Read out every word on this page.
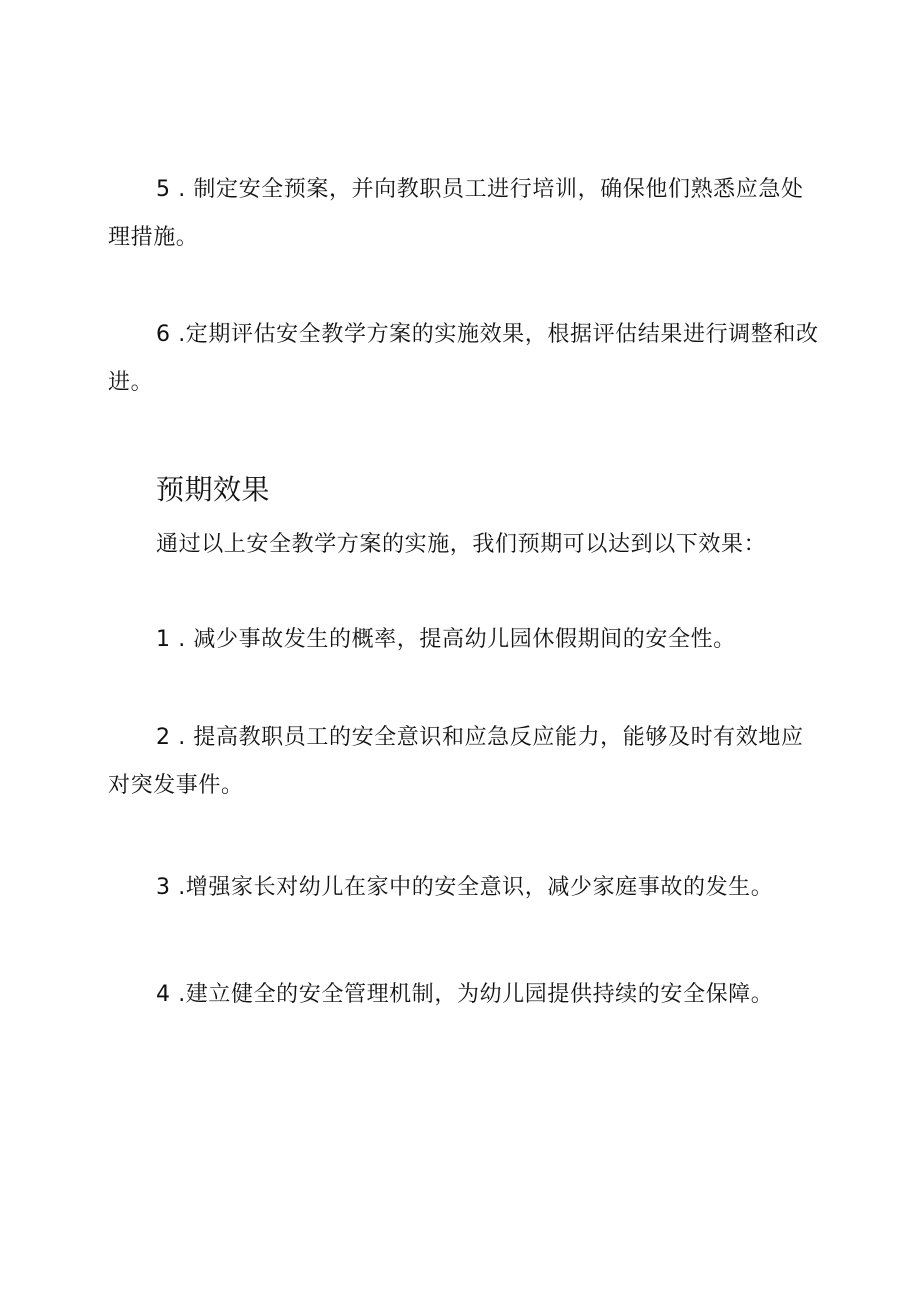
5 . 制定安全预案，并向教职员工进行培训，确保他们熟悉应急处理措施。

6 .定期评估安全教学方案的实施效果，根据评估结果进行调整和改进。

预期效果

通过以上安全教学方案的实施，我们预期可以达到以下效果：

1 . 减少事故发生的概率，提高幼儿园休假期间的安全性。

2 . 提高教职员工的安全意识和应急反应能力，能够及时有效地应对突发事件。

3 .增强家长对幼儿在家中的安全意识，减少家庭事故的发生。

4 .建立健全的安全管理机制，为幼儿园提供持续的安全保障。
